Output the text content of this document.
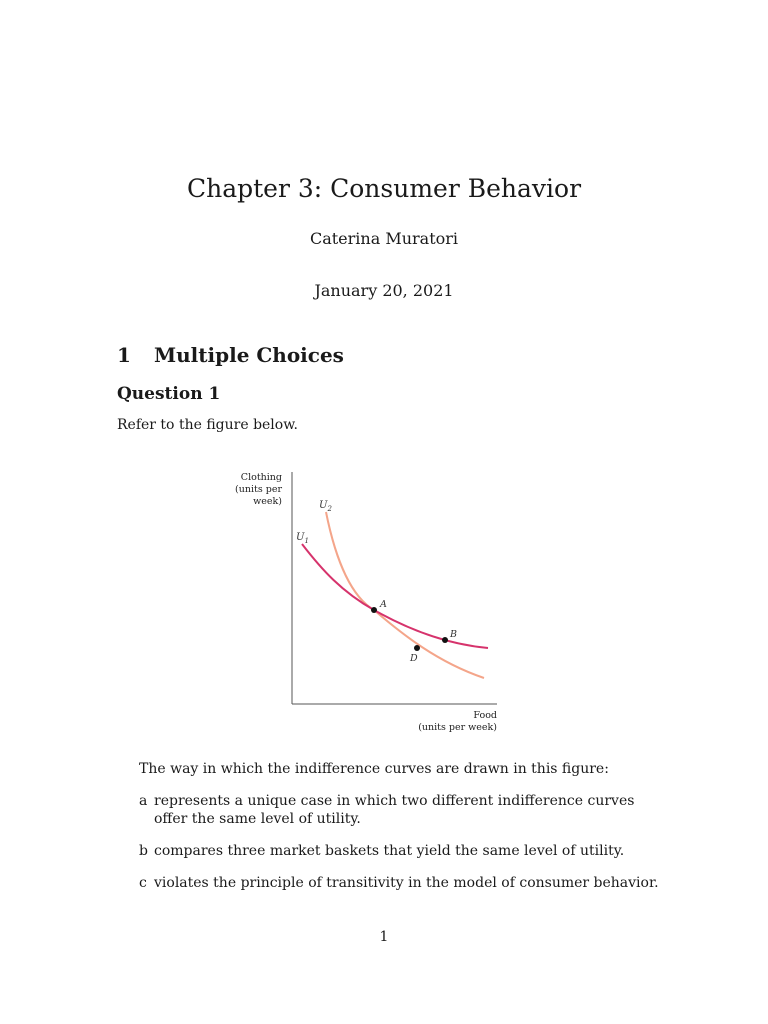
Chapter 3: Consumer Behavior
Caterina Muratori
January 20, 2021
1 Multiple Choices
Question 1
Refer to the figure below.
Clothing
(units per
week)
Food
(units per week)
$U_2$
$U_1$
A
B
D
The way in which the indifference curves are drawn in this figure:
a represents a unique case in which two different indifference curves offer the same level of utility.
b compares three market baskets that yield the same level of utility.
c violates the principle of transitivity in the model of consumer behavior.
1
